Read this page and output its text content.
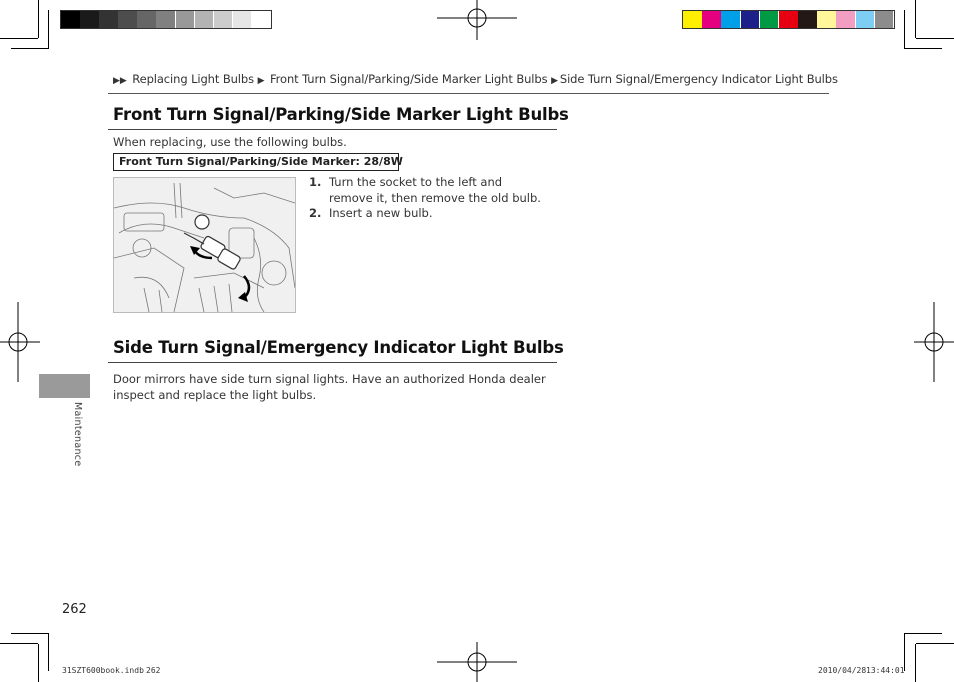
▶▶ Replacing Light Bulbs ▶ Front Turn Signal/Parking/Side Marker Light Bulbs ▶ Side Turn Signal/Emergency Indicator Light Bulbs
Front Turn Signal/Parking/Side Marker Light Bulbs
When replacing, use the following bulbs.
Front Turn Signal/Parking/Side Marker: 28/8W
1. Turn the socket to the left and remove it, then remove the old bulb.
2. Insert a new bulb.
Side Turn Signal/Emergency Indicator Light Bulbs
Door mirrors have side turn signal lights. Have an authorized Honda dealer inspect and replace the light bulbs.
Maintenance
262
31SZT600book.indb 262	2010/04/28 13:44:01
